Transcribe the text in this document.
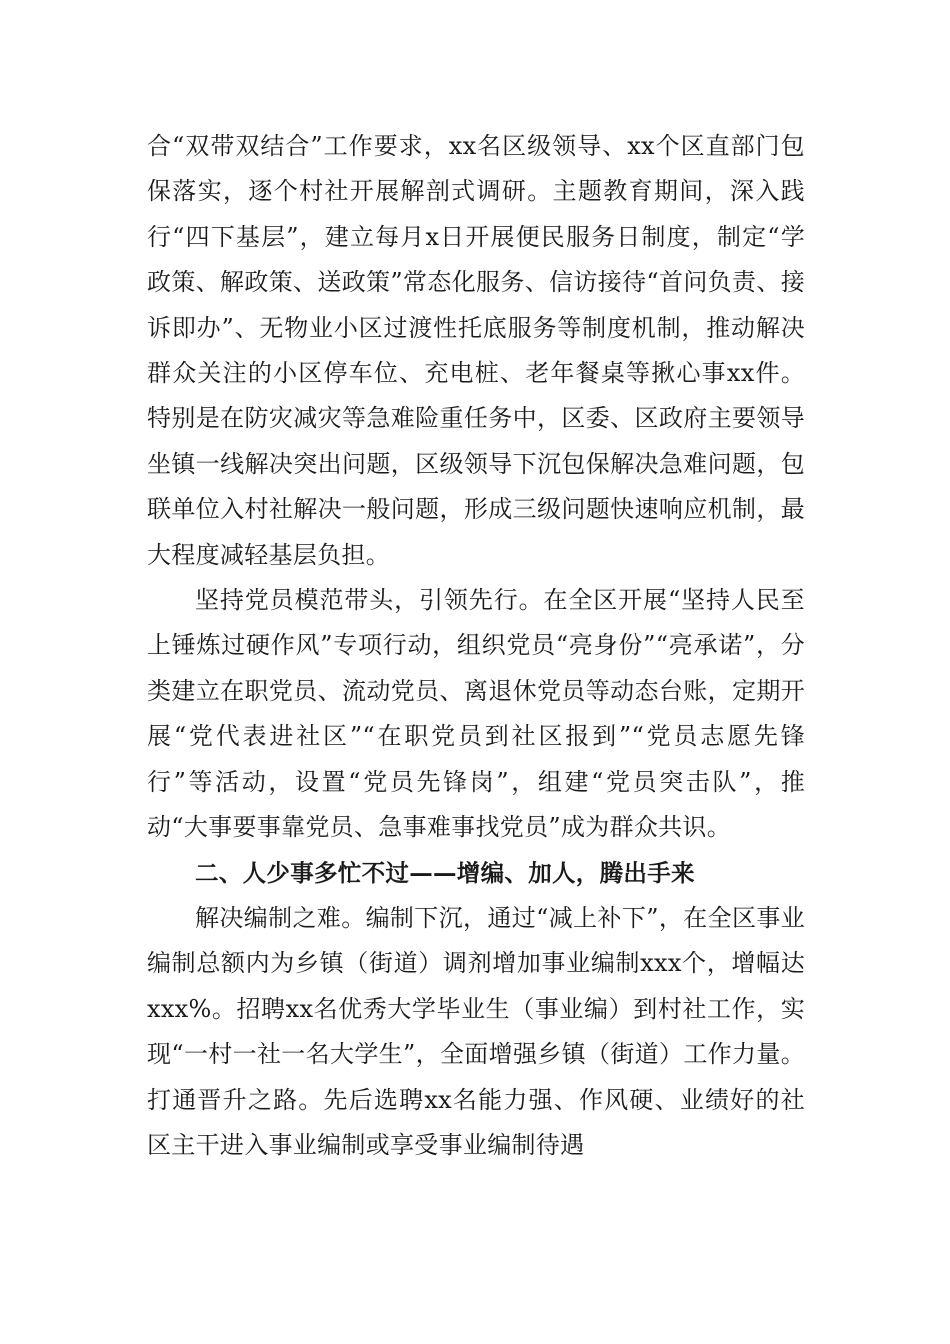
合“双带双结合”工作要求，xx名区级领导、xx个区直部门包保落实，逐个村社开展解剖式调研。主题教育期间，深入践行“四下基层”，建立每月x日开展便民服务日制度，制定“学政策、解政策、送政策”常态化服务、信访接待“首问负责、接诉即办”、无物业小区过渡性托底服务等制度机制，推动解决群众关注的小区停车位、充电桩、老年餐桌等揪心事xx件。特别是在防灾减灾等急难险重任务中，区委、区政府主要领导坐镇一线解决突出问题，区级领导下沉包保解决急难问题，包联单位入村社解决一般问题，形成三级问题快速响应机制，最大程度减轻基层负担。

坚持党员模范带头，引领先行。在全区开展“坚持人民至上锤炼过硬作风”专项行动，组织党员“亮身份”“亮承诺”，分类建立在职党员、流动党员、离退休党员等动态台账，定期开展“党代表进社区”“在职党员到社区报到”“党员志愿先锋行”等活动，设置“党员先锋岗”，组建“党员突击队”，推动“大事要事靠党员、急事难事找党员”成为群众共识。

二、人少事多忙不过——增编、加人，腾出手来

解决编制之难。编制下沉，通过“减上补下”，在全区事业编制总额内为乡镇（街道）调剂增加事业编制xxx个，增幅达xxx%。招聘xx名优秀大学毕业生（事业编）到村社工作，实现“一村一社一名大学生”，全面增强乡镇（街道）工作力量。打通晋升之路。先后选聘xx名能力强、作风硬、业绩好的社区主干进入事业编制或享受事业编制待遇
